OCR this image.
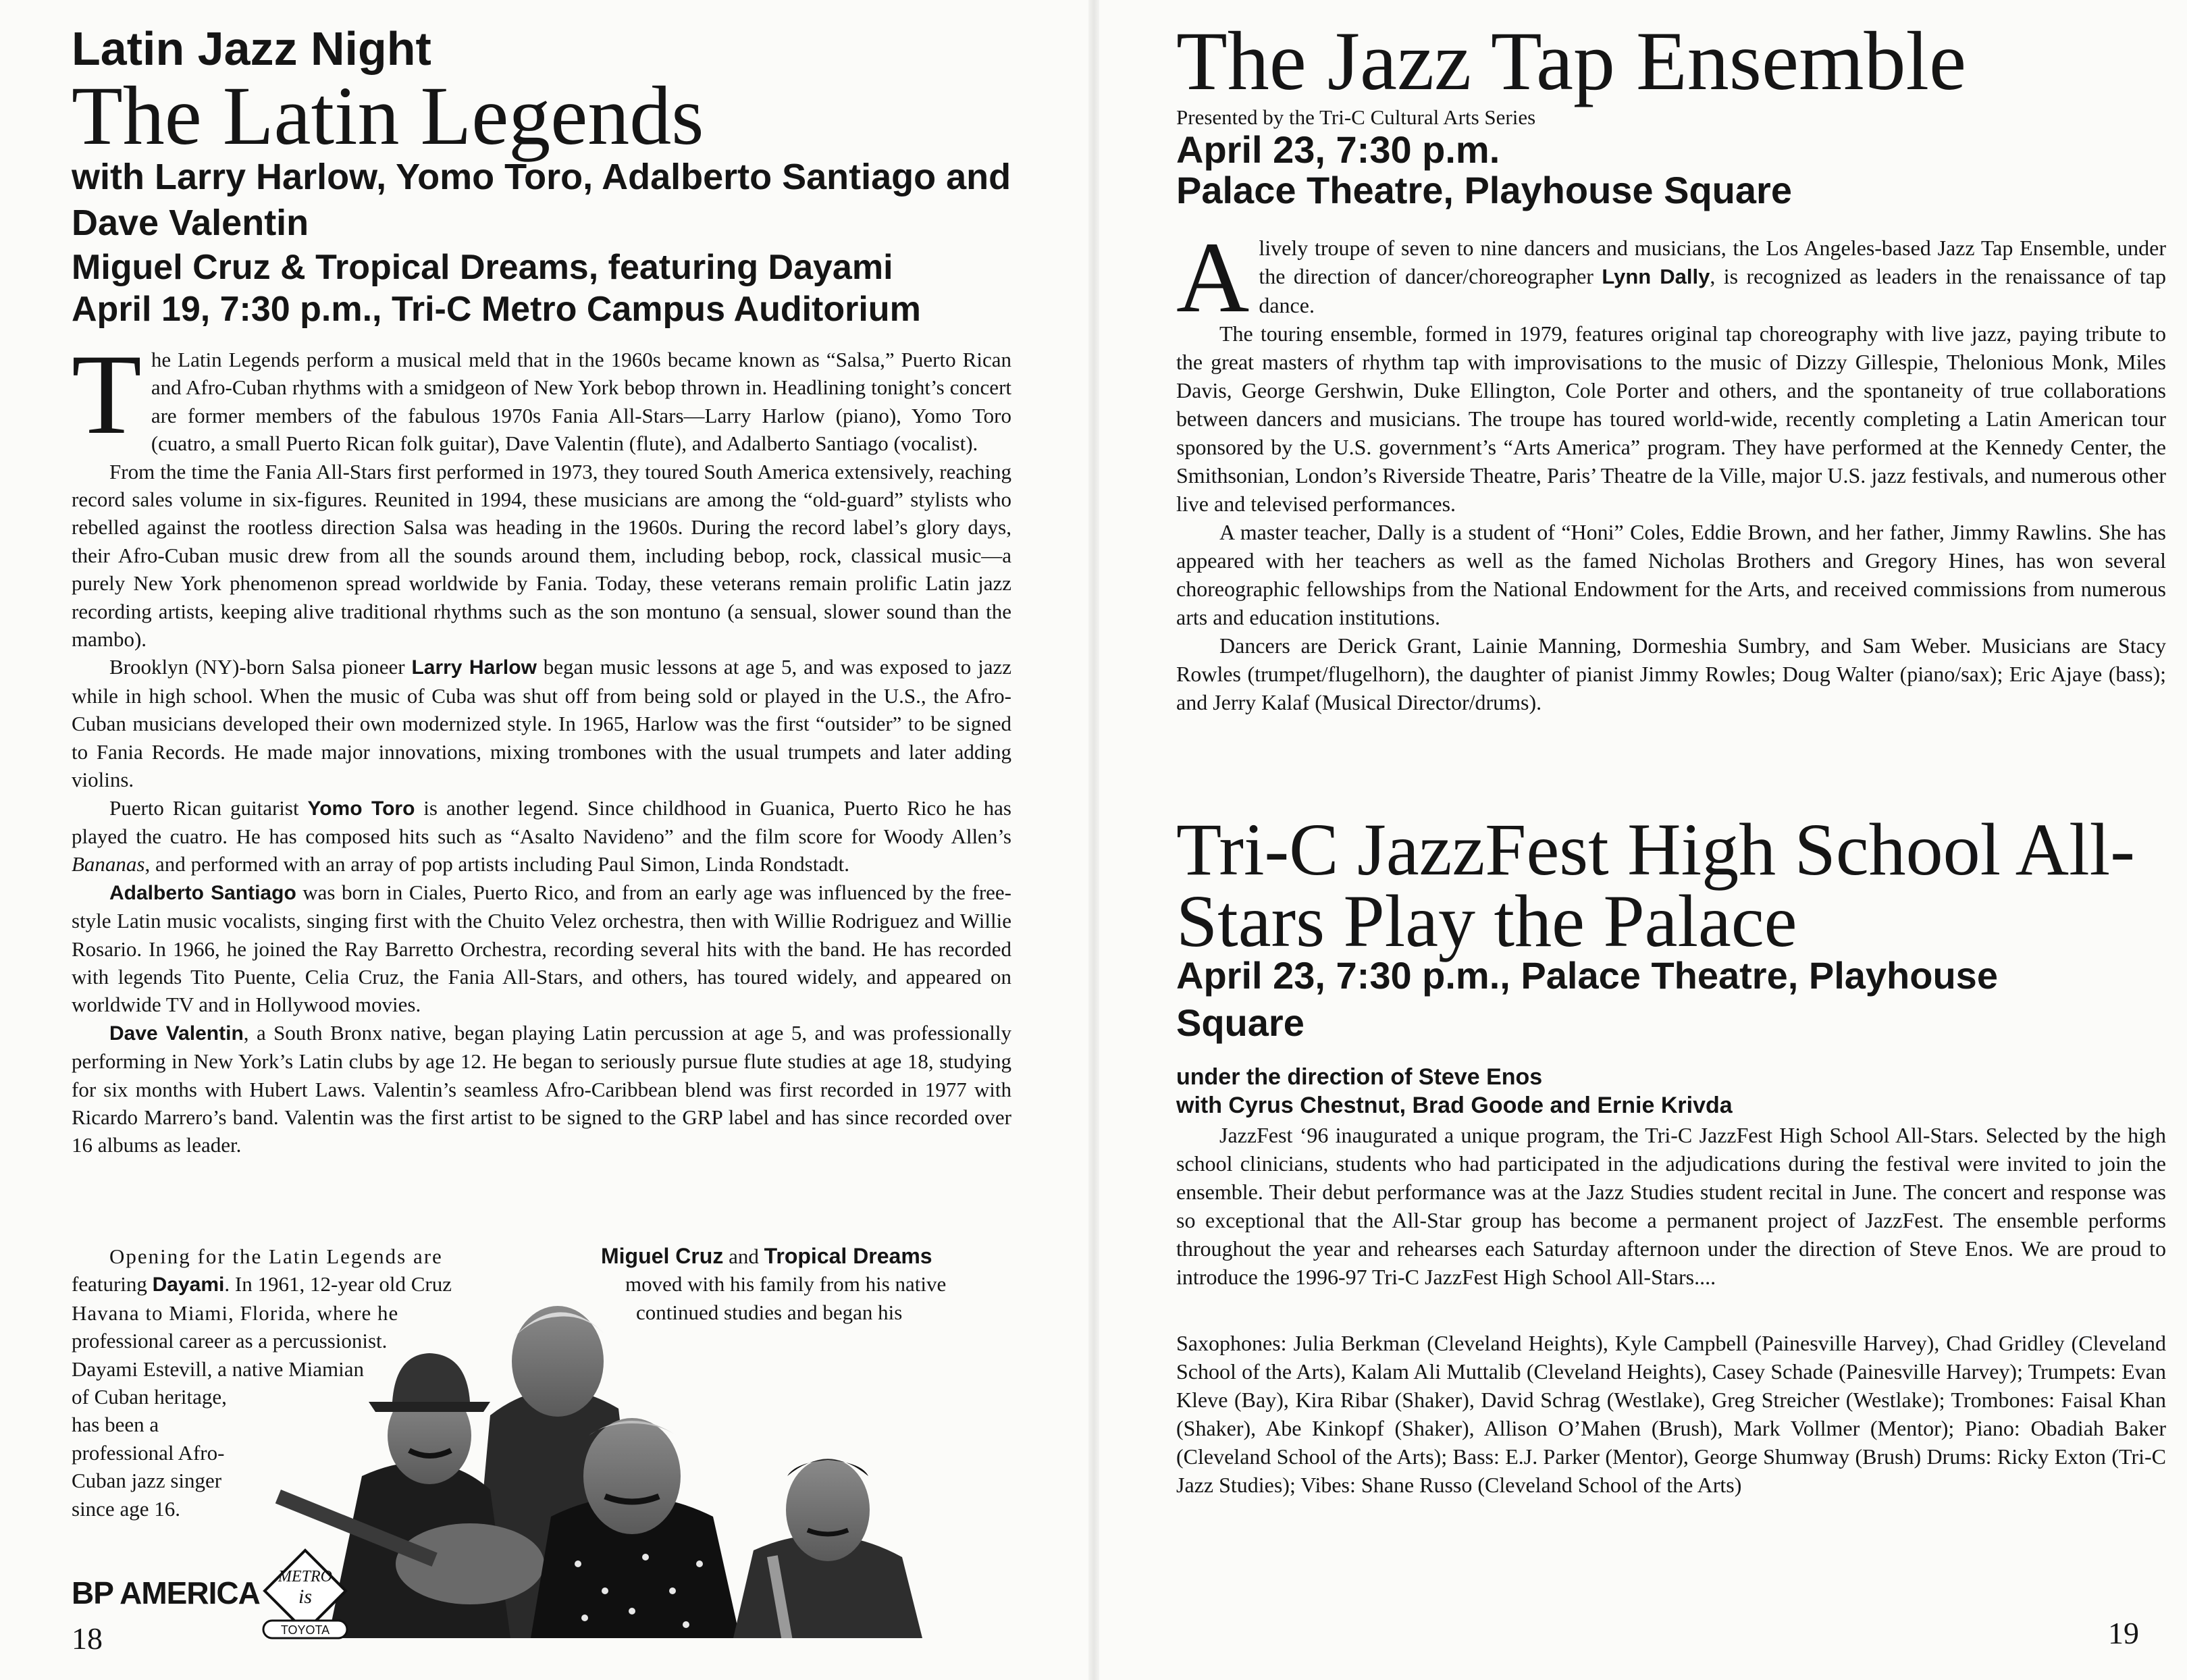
Latin Jazz Night
The Latin Legends
with Larry Harlow, Yomo Toro, Adalberto Santiago and Dave Valentin
Miguel Cruz & Tropical Dreams, featuring Dayami
April 19, 7:30 p.m., Tri-C Metro Campus Auditorium

The Latin Legends perform a musical meld that in the 1960s became known as “Salsa,” Puerto Rican and Afro-Cuban rhythms with a smidgeon of New York bebop thrown in. Headlining tonight’s concert are former members of the fabulous 1970s Fania All-Stars—Larry Harlow (piano), Yomo Toro (cuatro, a small Puerto Rican folk guitar), Dave Valentin (flute), and Adalberto Santiago (vocalist).

From the time the Fania All-Stars first performed in 1973, they toured South America extensively, reaching record sales volume in six-figures. Reunited in 1994, these musicians are among the “old-guard” stylists who rebelled against the rootless direction Salsa was heading in the 1960s. During the record label’s glory days, their Afro-Cuban music drew from all the sounds around them, including bebop, rock, classical music—a purely New York phenomenon spread worldwide by Fania. Today, these veterans remain prolific Latin jazz recording artists, keeping alive traditional rhythms such as the son montuno (a sensual, slower sound than the mambo).

Brooklyn (NY)-born Salsa pioneer Larry Harlow began music lessons at age 5, and was exposed to jazz while in high school. When the music of Cuba was shut off from being sold or played in the U.S., the Afro-Cuban musicians developed their own modernized style. In 1965, Harlow was the first “outsider” to be signed to Fania Records. He made major innovations, mixing trombones with the usual trumpets and later adding violins.

Puerto Rican guitarist Yomo Toro is another legend. Since childhood in Guanica, Puerto Rico he has played the cuatro. He has composed hits such as “Asalto Navideno” and the film score for Woody Allen’s Bananas, and performed with an array of pop artists including Paul Simon, Linda Rondstadt.

Adalberto Santiago was born in Ciales, Puerto Rico, and from an early age was influenced by the free-style Latin music vocalists, singing first with the Chuito Velez orchestra, then with Willie Rodriguez and Willie Rosario. In 1966, he joined the Ray Barretto Orchestra, recording several hits with the band. He has recorded with legends Tito Puente, Celia Cruz, the Fania All-Stars, and others, has toured widely, and appeared on worldwide TV and in Hollywood movies.

Dave Valentin, a South Bronx native, began playing Latin percussion at age 5, and was professionally performing in New York’s Latin clubs by age 12. He began to seriously pursue flute studies at age 18, studying for six months with Hubert Laws. Valentin’s seamless Afro-Caribbean blend was first recorded in 1977 with Ricardo Marrero’s band. Valentin was the first artist to be signed to the GRP label and has since recorded over 16 albums as leader.

Opening for the Latin Legends are
featuring Dayami. In 1961, 12-year old Cruz
Havana to Miami, Florida, where he
professional career as a percussionist.
Dayami Estevill, a native Miamian
of Cuban heritage,
has been a
professional Afro-
Cuban jazz singer
since age 16.
Miguel Cruz and Tropical Dreams
moved with his family from his native
continued studies and began his
BP AMERICA METRO
is
TOYOTA
18
The Jazz Tap Ensemble
Presented by the Tri-C Cultural Arts Series
April 23, 7:30 p.m.
Palace Theatre, Playhouse Square

A lively troupe of seven to nine dancers and musicians, the Los Angeles-based Jazz Tap Ensemble, under the direction of dancer/choreographer Lynn Dally, is recognized as leaders in the renaissance of tap dance.

The touring ensemble, formed in 1979, features original tap choreography with live jazz, paying tribute to the great masters of rhythm tap with improvisations to the music of Dizzy Gillespie, Thelonious Monk, Miles Davis, George Gershwin, Duke Ellington, Cole Porter and others, and the spontaneity of true collaborations between dancers and musicians. The troupe has toured world-wide, recently completing a Latin American tour sponsored by the U.S. government’s “Arts America” program. They have performed at the Kennedy Center, the Smithsonian, London’s Riverside Theatre, Paris’ Theatre de la Ville, major U.S. jazz festivals, and numerous other live and televised performances.

A master teacher, Dally is a student of “Honi” Coles, Eddie Brown, and her father, Jimmy Rawlins. She has appeared with her teachers as well as the famed Nicholas Brothers and Gregory Hines, has won several choreographic fellowships from the National Endowment for the Arts, and received commissions from numerous arts and education institutions.

Dancers are Derick Grant, Lainie Manning, Dormeshia Sumbry, and Sam Weber. Musicians are Stacy Rowles (trumpet/flugelhorn), the daughter of pianist Jimmy Rowles; Doug Walter (piano/sax); Eric Ajaye (bass); and Jerry Kalaf (Musical Director/drums).

Tri-C JazzFest High School All-Stars Play the Palace
April 23, 7:30 p.m., Palace Theatre, Playhouse Square
under the direction of Steve Enos
with Cyrus Chestnut, Brad Goode and Ernie Krivda

JazzFest ‘96 inaugurated a unique program, the Tri-C JazzFest High School All-Stars. Selected by the high school clinicians, students who had participated in the adjudications during the festival were invited to join the ensemble. Their debut performance was at the Jazz Studies student recital in June. The concert and response was so exceptional that the All-Star group has become a permanent project of JazzFest. The ensemble performs throughout the year and rehearses each Saturday afternoon under the direction of Steve Enos. We are proud to introduce the 1996-97 Tri-C JazzFest High School All-Stars....

Saxophones: Julia Berkman (Cleveland Heights), Kyle Campbell (Painesville Harvey), Chad Gridley (Cleveland School of the Arts), Kalam Ali Muttalib (Cleveland Heights), Casey Schade (Painesville Harvey); Trumpets: Evan Kleve (Bay), Kira Ribar (Shaker), David Schrag (Westlake), Greg Streicher (Westlake); Trombones: Faisal Khan (Shaker), Abe Kinkopf (Shaker), Allison O’Mahen (Brush), Mark Vollmer (Mentor); Piano: Obadiah Baker (Cleveland School of the Arts); Bass: E.J. Parker (Mentor), George Shumway (Brush) Drums: Ricky Exton (Tri-C Jazz Studies); Vibes: Shane Russo (Cleveland School of the Arts)

19
